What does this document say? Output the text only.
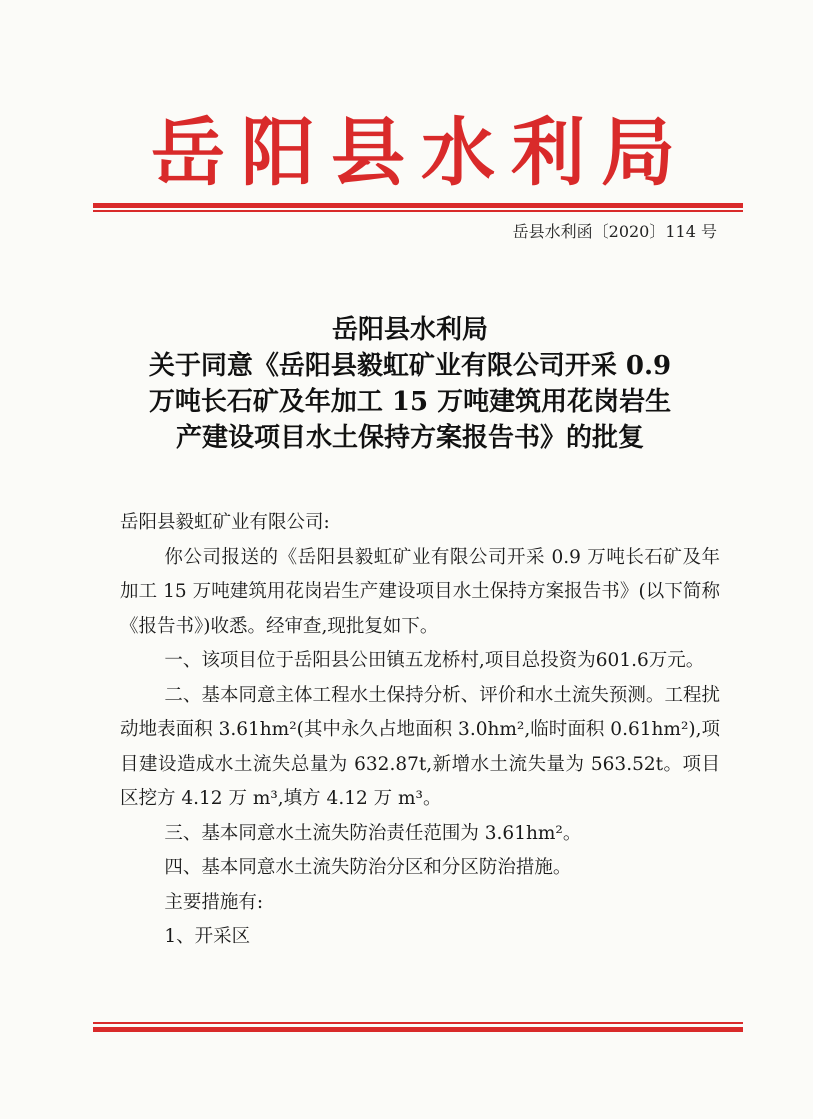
岳阳县水利局
岳县水利函〔2020〕114 号
岳阳县水利局
关于同意《岳阳县毅虹矿业有限公司开采 0.9
万吨长石矿及年加工 15 万吨建筑用花岗岩生
产建设项目水土保持方案报告书》的批复

岳阳县毅虹矿业有限公司:

你公司报送的《岳阳县毅虹矿业有限公司开采 0.9 万吨长石矿及年加工 15 万吨建筑用花岗岩生产建设项目水土保持方案报告书》(以下简称《报告书》)收悉。经审查,现批复如下。

一、该项目位于岳阳县公田镇五龙桥村,项目总投资为601.6万元。

二、基本同意主体工程水土保持分析、评价和水土流失预测。工程扰动地表面积 3.61hm²(其中永久占地面积 3.0hm²,临时面积 0.61hm²),项目建设造成水土流失总量为 632.87t,新增水土流失量为 563.52t。项目区挖方 4.12 万 m³,填方 4.12 万 m³。

三、基本同意水土流失防治责任范围为 3.61hm²。

四、基本同意水土流失防治分区和分区防治措施。

主要措施有:

1、开采区
